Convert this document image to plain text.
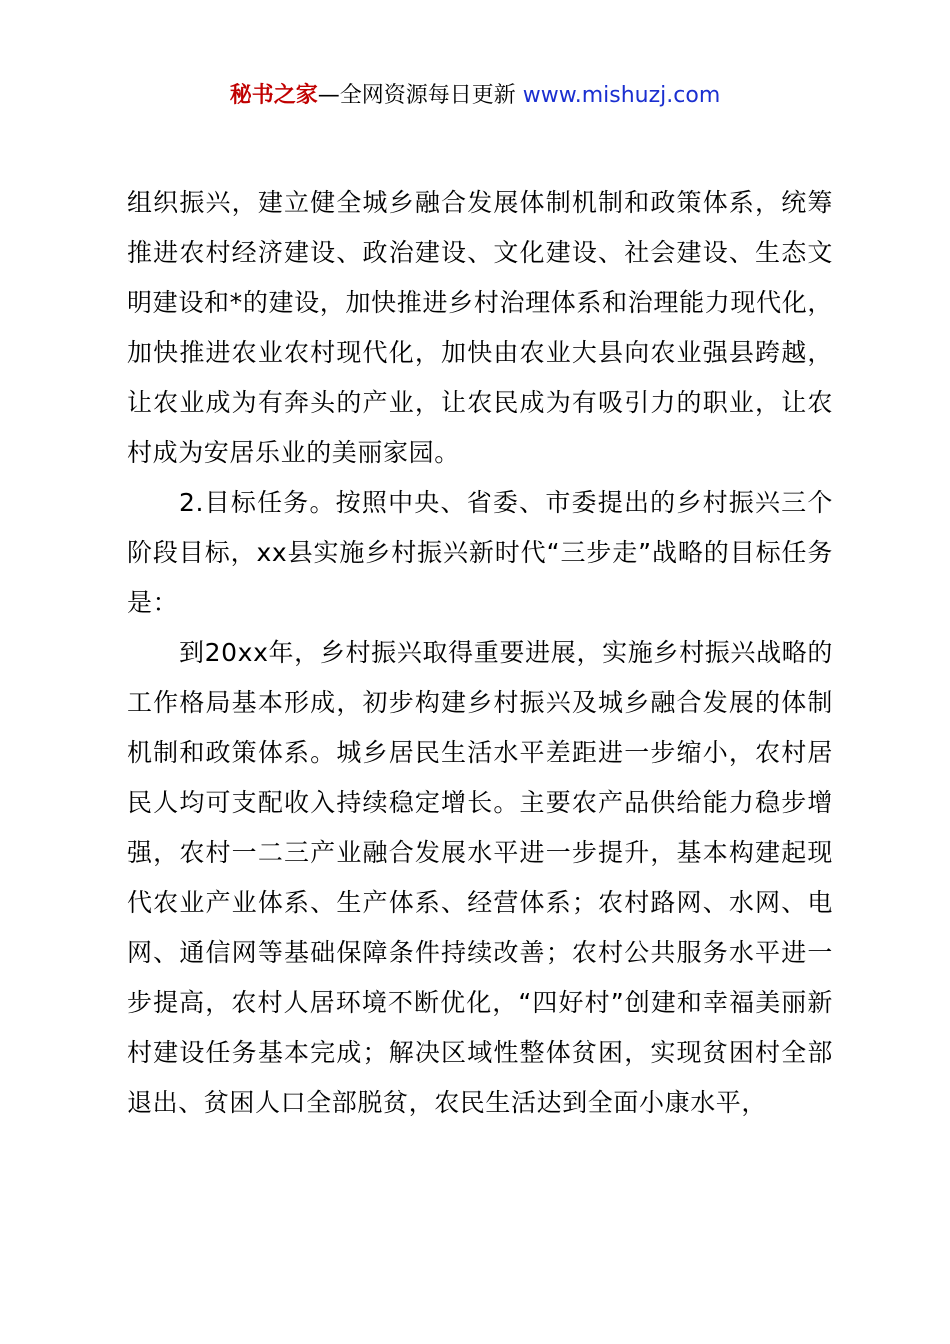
秘书之家—全网资源每日更新 www.mishuzj.com

组织振兴，建立健全城乡融合发展体制机制和政策体系，统筹推进农村经济建设、政治建设、文化建设、社会建设、生态文明建设和*的建设，加快推进乡村治理体系和治理能力现代化，加快推进农业农村现代化，加快由农业大县向农业强县跨越，让农业成为有奔头的产业，让农民成为有吸引力的职业，让农村成为安居乐业的美丽家园。

2.目标任务。按照中央、省委、市委提出的乡村振兴三个阶段目标，xx县实施乡村振兴新时代“三步走”战略的目标任务是：

到20xx年，乡村振兴取得重要进展，实施乡村振兴战略的工作格局基本形成，初步构建乡村振兴及城乡融合发展的体制机制和政策体系。城乡居民生活水平差距进一步缩小，农村居民人均可支配收入持续稳定增长。主要农产品供给能力稳步增强，农村一二三产业融合发展水平进一步提升，基本构建起现代农业产业体系、生产体系、经营体系；农村路网、水网、电网、通信网等基础保障条件持续改善；农村公共服务水平进一步提高，农村人居环境不断优化，“四好村”创建和幸福美丽新村建设任务基本完成；解决区域性整体贫困，实现贫困村全部退出、贫困人口全部脱贫，农民生活达到全面小康水平，
